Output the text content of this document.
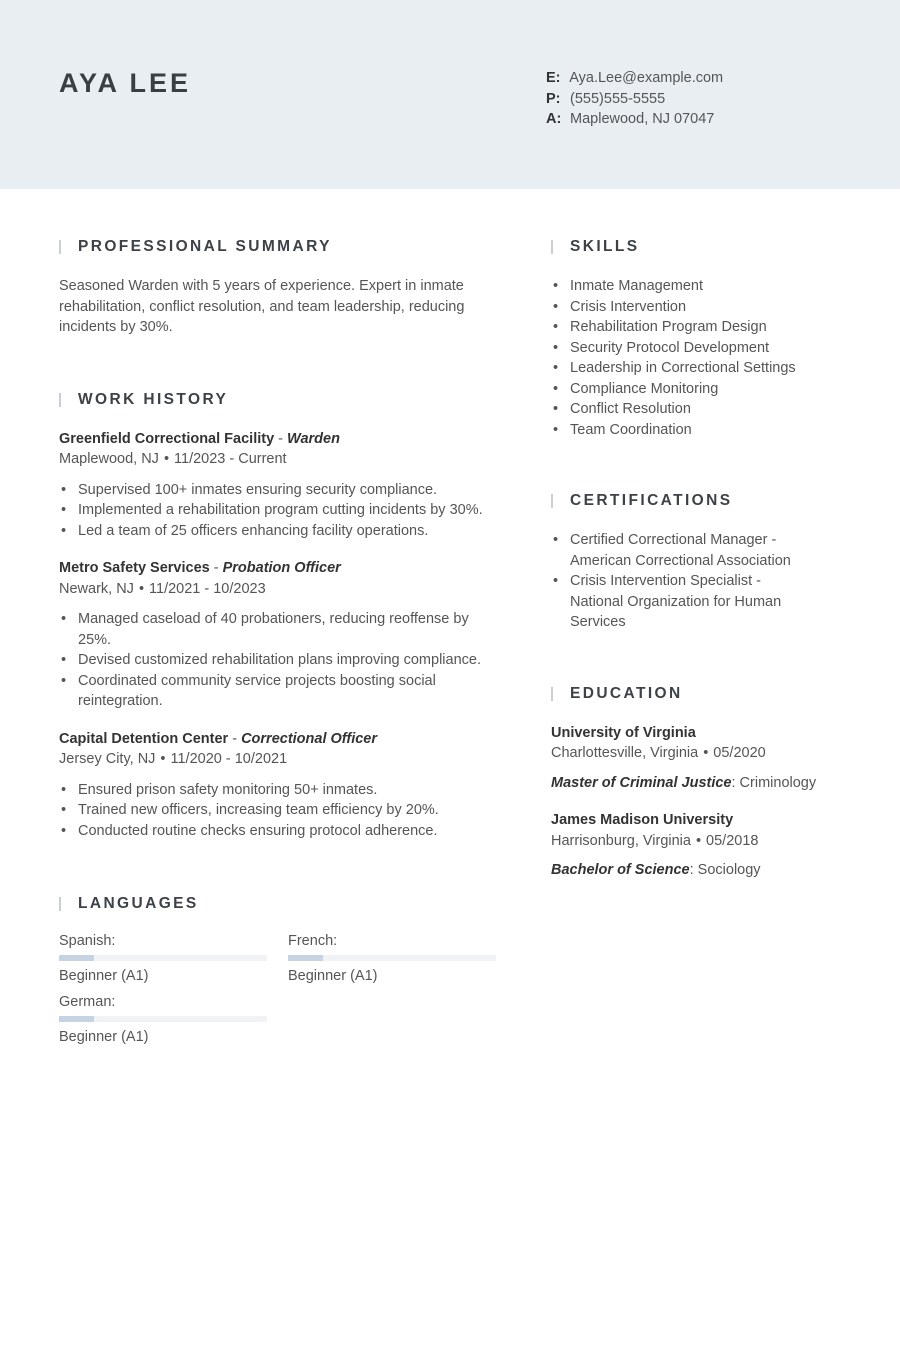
AYA LEE	E: Aya.Lee@example.com
P: (555)555-5555
A: Maplewood, NJ 07047
PROFESSIONAL SUMMARY

Seasoned Warden with 5 years of experience. Expert in inmate rehabilitation, conflict resolution, and team leadership, reducing incidents by 30%.

WORK HISTORY
Greenfield Correctional Facility - Warden
Maplewood, NJ • 11/2023 - Current
• Supervised 100+ inmates ensuring security compliance.
• Implemented a rehabilitation program cutting incidents by 30%.
• Led a team of 25 officers enhancing facility operations.
Metro Safety Services - Probation Officer
Newark, NJ • 11/2021 - 10/2023
• Managed caseload of 40 probationers, reducing reoffense by 25%.
• Devised customized rehabilitation plans improving compliance.
• Coordinated community service projects boosting social reintegration.
Capital Detention Center - Correctional Officer
Jersey City, NJ • 11/2020 - 10/2021
• Ensured prison safety monitoring 50+ inmates.
• Trained new officers, increasing team efficiency by 20%.
• Conducted routine checks ensuring protocol adherence.
LANGUAGES
Spanish:
Beginner (A1)
French:
Beginner (A1)
German:
Beginner (A1)
SKILLS
• Inmate Management
• Crisis Intervention
• Rehabilitation Program Design
• Security Protocol Development
• Leadership in Correctional Settings
• Compliance Monitoring
• Conflict Resolution
• Team Coordination
CERTIFICATIONS
• Certified Correctional Manager - American Correctional Association
• Crisis Intervention Specialist - National Organization for Human Services
EDUCATION
University of Virginia
Charlottesville, Virginia • 05/2020
Master of Criminal Justice: Criminology
James Madison University
Harrisonburg, Virginia • 05/2018
Bachelor of Science: Sociology
